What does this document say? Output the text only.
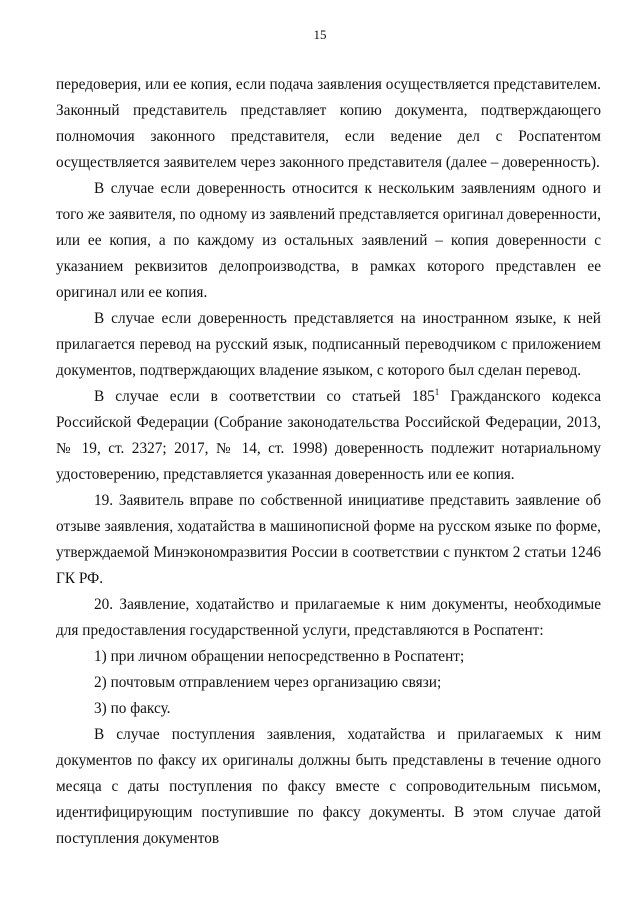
15

передоверия, или ее копия, если подача заявления осуществляется представителем. Законный представитель представляет копию документа, подтверждающего полномочия законного представителя, если ведение дел с Роспатентом осуществляется заявителем через законного представителя (далее – доверенность).

В случае если доверенность относится к нескольким заявлениям одного и того же заявителя, по одному из заявлений представляется оригинал доверенности, или ее копия, а по каждому из остальных заявлений – копия доверенности с указанием реквизитов делопроизводства, в рамках которого представлен ее оригинал или ее копия.

В случае если доверенность представляется на иностранном языке, к ней прилагается перевод на русский язык, подписанный переводчиком с приложением документов, подтверждающих владение языком, с которого был сделан перевод.

В случае если в соответствии со статьей $185^1$ Гражданского кодекса Российской Федерации (Собрание законодательства Российской Федерации, 2013, № 19, ст. 2327; 2017, № 14, ст. 1998) доверенность подлежит нотариальному удостоверению, представляется указанная доверенность или ее копия.

19. Заявитель вправе по собственной инициативе представить заявление об отзыве заявления, ходатайства в машинописной форме на русском языке по форме, утверждаемой Минэкономразвития России в соответствии с пунктом 2 статьи 1246 ГК РФ.

20. Заявление, ходатайство и прилагаемые к ним документы, необходимые для предоставления государственной услуги, представляются в Роспатент:

1) при личном обращении непосредственно в Роспатент;

2) почтовым отправлением через организацию связи;

3) по факсу.

В случае поступления заявления, ходатайства и прилагаемых к ним документов по факсу их оригиналы должны быть представлены в течение одного месяца с даты поступления по факсу вместе с сопроводительным письмом, идентифицирующим поступившие по факсу документы. В этом случае датой поступления документов
